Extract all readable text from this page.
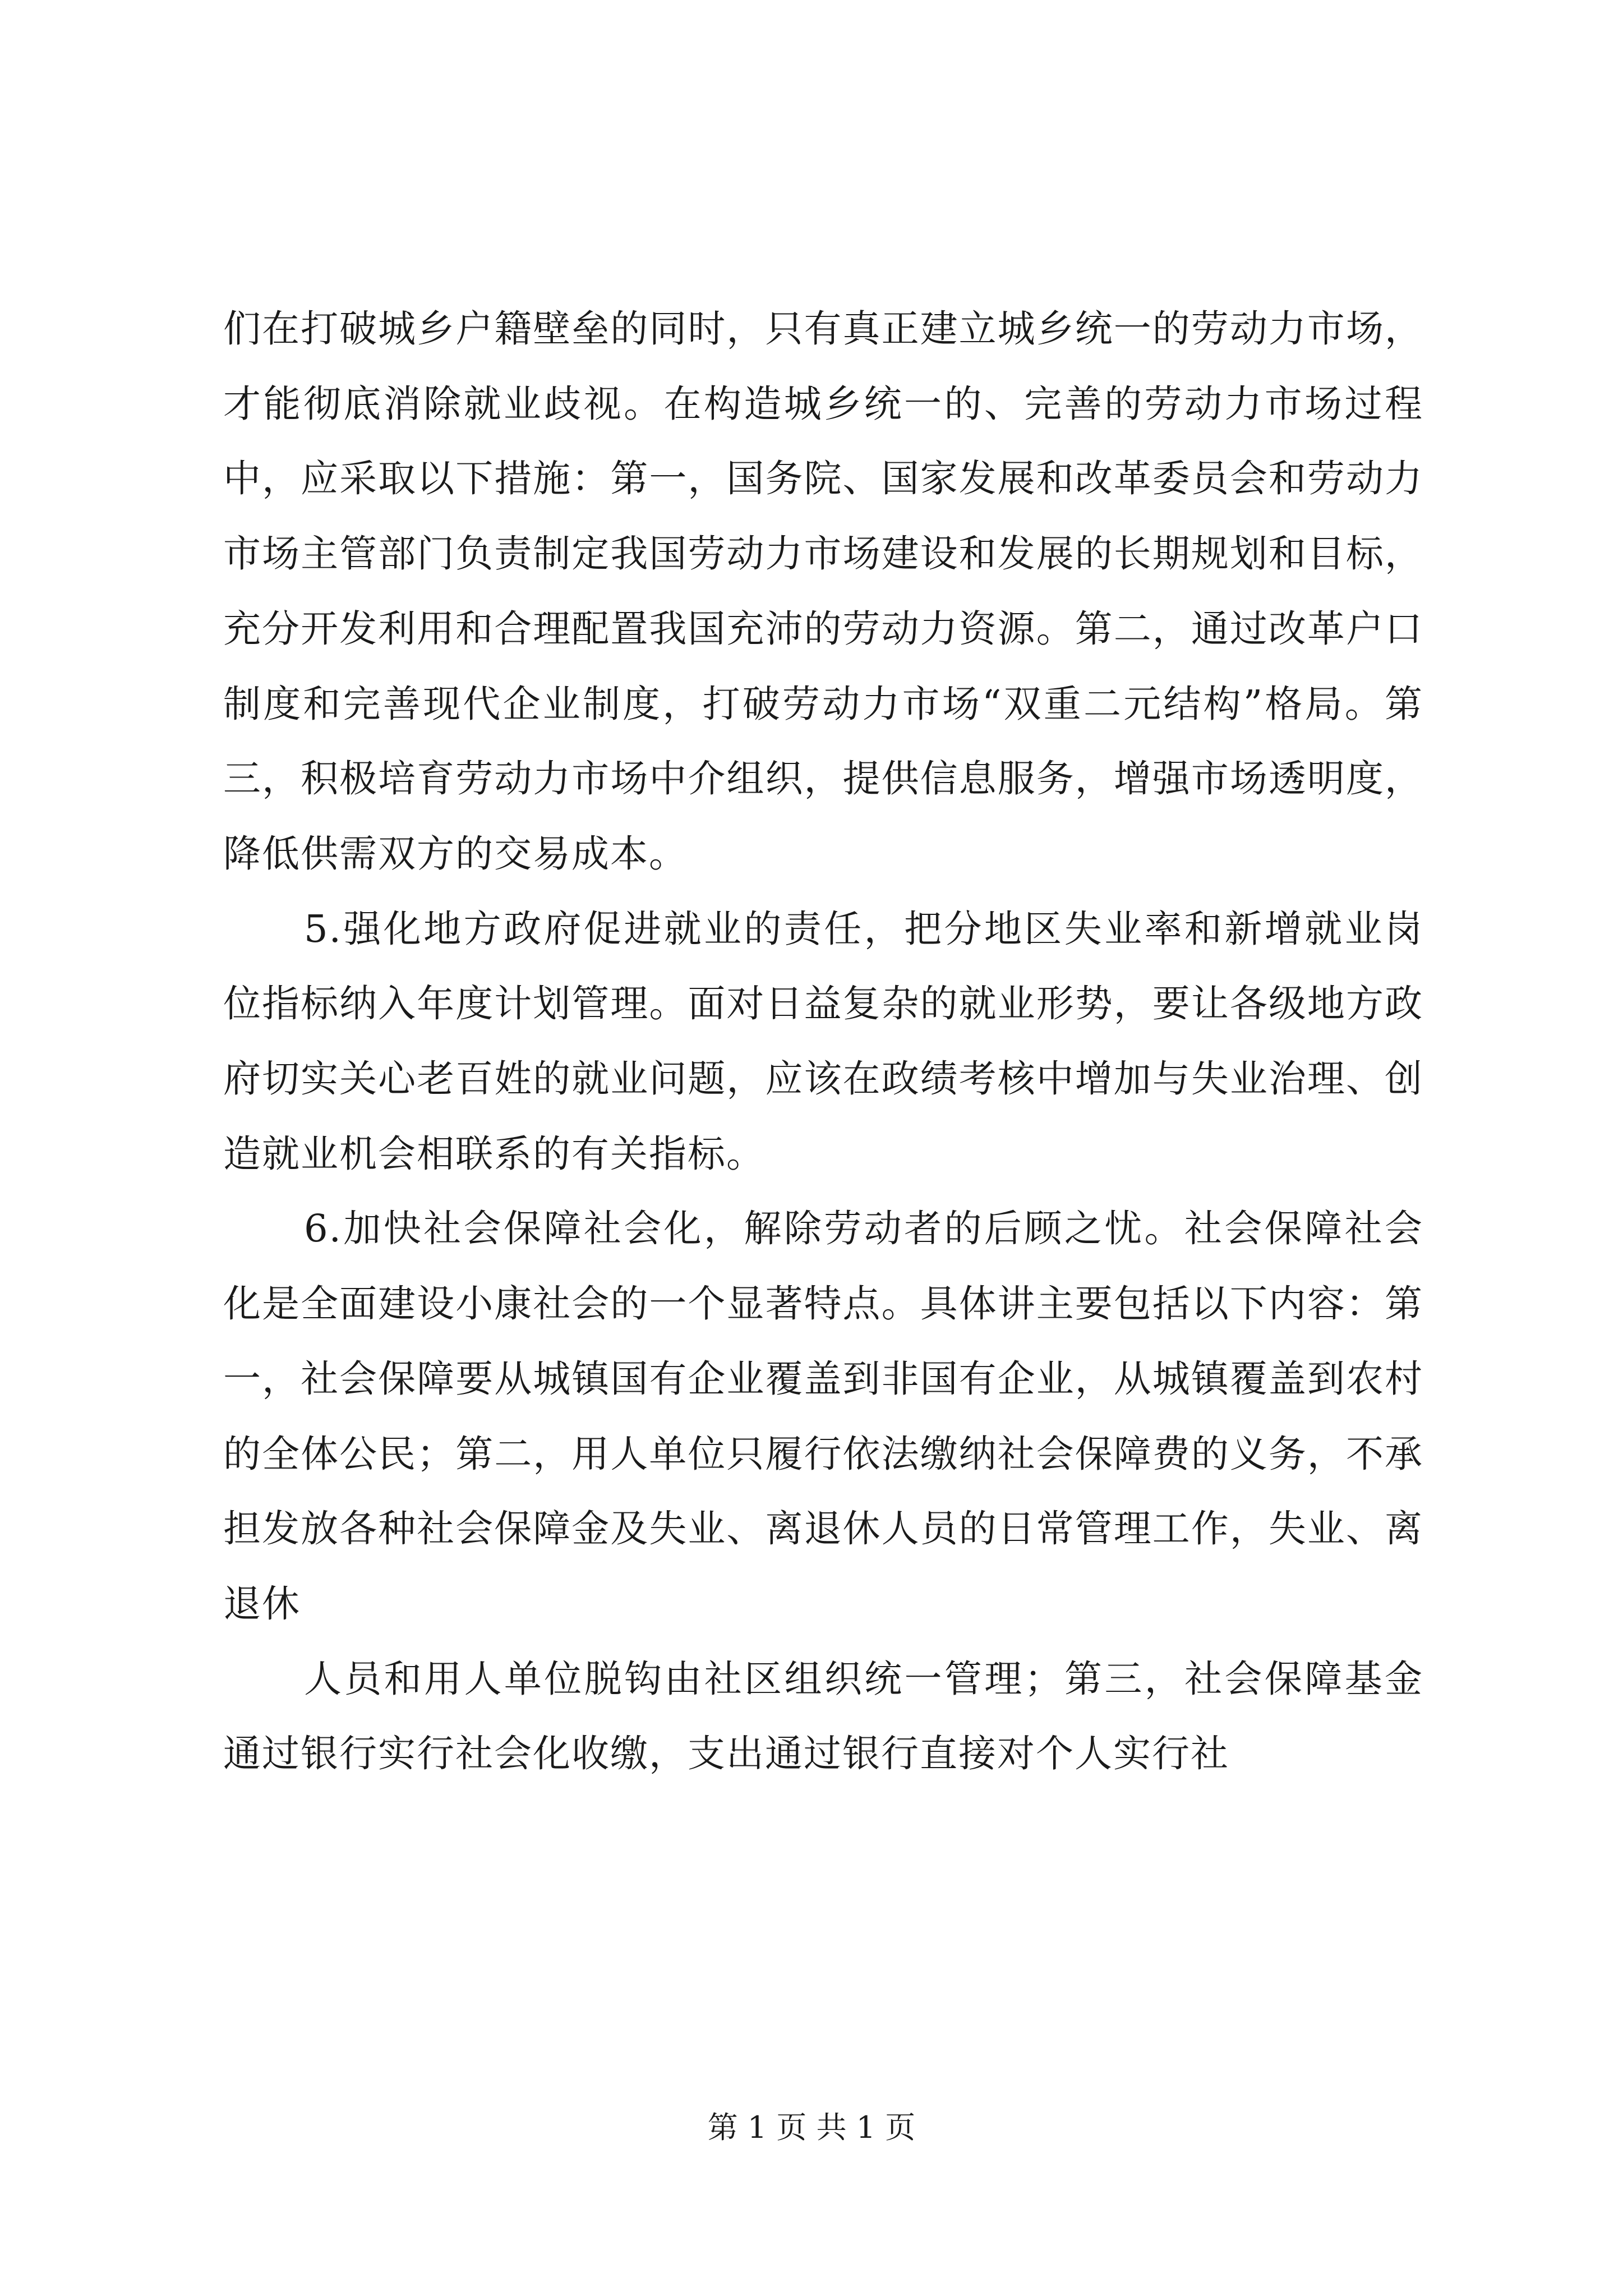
们在打破城乡户籍壁垒的同时，只有真正建立城乡统一的劳动力市场，才能彻底消除就业歧视。在构造城乡统一的、完善的劳动力市场过程中，应采取以下措施：第一，国务院、国家发展和改革委员会和劳动力市场主管部门负责制定我国劳动力市场建设和发展的长期规划和目标，充分开发利用和合理配置我国充沛的劳动力资源。第二，通过改革户口制度和完善现代企业制度，打破劳动力市场“双重二元结构”格局。第三，积极培育劳动力市场中介组织，提供信息服务，增强市场透明度，降低供需双方的交易成本。

5.强化地方政府促进就业的责任，把分地区失业率和新增就业岗位指标纳入年度计划管理。面对日益复杂的就业形势，要让各级地方政府切实关心老百姓的就业问题，应该在政绩考核中增加与失业治理、创造就业机会相联系的有关指标。

6.加快社会保障社会化，解除劳动者的后顾之忧。社会保障社会化是全面建设小康社会的一个显著特点。具体讲主要包括以下内容：第一，社会保障要从城镇国有企业覆盖到非国有企业，从城镇覆盖到农村的全体公民；第二，用人单位只履行依法缴纳社会保障费的义务，不承担发放各种社会保障金及失业、离退休人员的日常管理工作，失业、离退休

人员和用人单位脱钩由社区组织统一管理；第三，社会保障基金通过银行实行社会化收缴，支出通过银行直接对个人实行社

第 1 页 共 1 页
